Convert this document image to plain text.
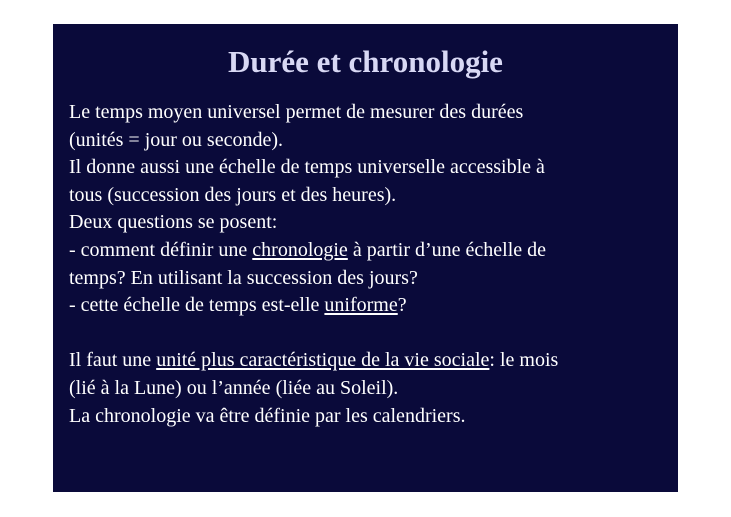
Durée et chronologie
Le temps moyen universel permet de mesurer des durées
(unités = jour ou seconde).
Il donne aussi une échelle de temps universelle accessible à
tous (succession des jours et des heures).
Deux questions se posent:
- comment définir une chronologie à partir d’une échelle de
temps? En utilisant la succession des jours?
- cette échelle de temps est-elle uniforme?
Il faut une unité plus caractéristique de la vie sociale: le mois
(lié à la Lune) ou l’année (liée au Soleil).
La chronologie va être définie par les calendriers.
